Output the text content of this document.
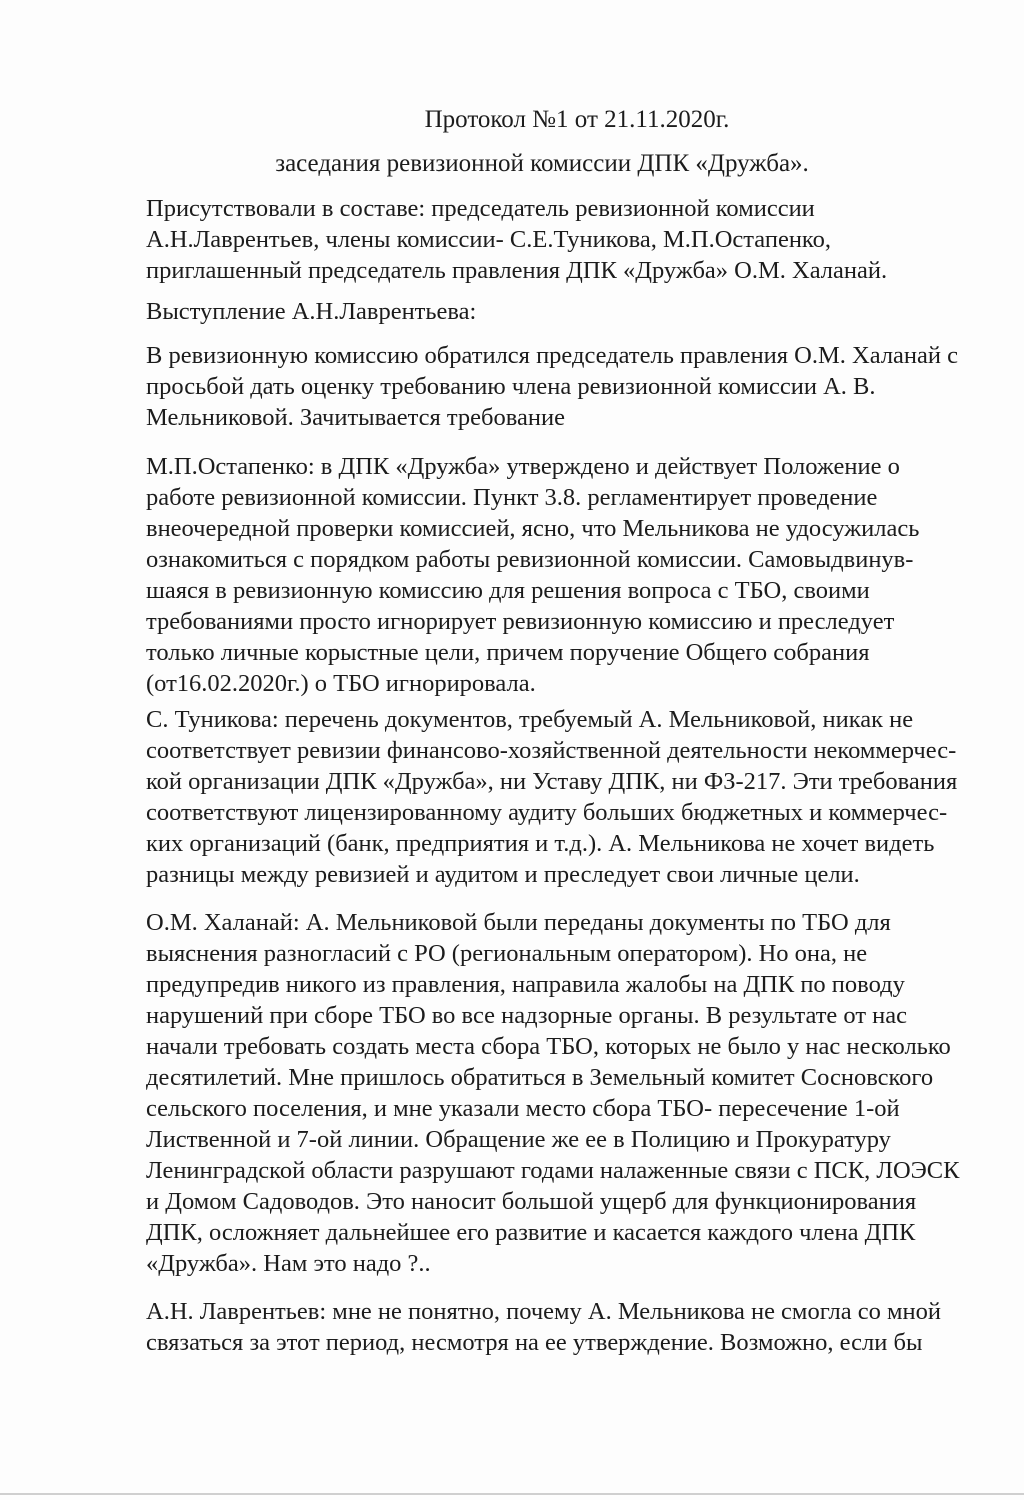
Протокол №1 от 21.11.2020г.
заседания ревизионной комиссии ДПК «Дружба».

Присутствовали в составе: председатель ревизионной комиссии
А.Н.Лаврентьев, члены комиссии- С.Е.Туникова, М.П.Остапенко,
приглашенный председатель правления ДПК «Дружба» О.М. Халанай.

Выступление А.Н.Лаврентьева:

В ревизионную комиссию обратился председатель правления О.М. Халанай с
просьбой дать оценку требованию члена ревизионной комиссии А. В.
Мельниковой. Зачитывается требование

М.П.Остапенко: в ДПК «Дружба» утверждено и действует Положение о
работе ревизионной комиссии. Пункт 3.8. регламентирует проведение
внеочередной проверки комиссией, ясно, что Мельникова не удосужилась
ознакомиться с порядком работы ревизионной комиссии. Самовыдвинув-
шаяся в ревизионную комиссию для решения вопроса с ТБО, своими
требованиями просто игнорирует ревизионную комиссию и преследует
только личные корыстные цели, причем поручение Общего собрания
(от16.02.2020г.) о ТБО игнорировала.

С. Туникова: перечень документов, требуемый А. Мельниковой, никак не
соответствует ревизии финансово-хозяйственной деятельности некоммерчес-
кой организации ДПК «Дружба», ни Уставу ДПК, ни ФЗ-217. Эти требования
соответствуют лицензированному аудиту больших бюджетных и коммерчес-
ких организаций (банк, предприятия и т.д.). А. Мельникова не хочет видеть
разницы между ревизией и аудитом и преследует свои личные цели.

О.М. Халанай: А. Мельниковой были переданы документы по ТБО для
выяснения разногласий с РО (региональным оператором). Но она, не
предупредив никого из правления, направила жалобы на ДПК по поводу
нарушений при сборе ТБО во все надзорные органы. В результате от нас
начали требовать создать места сбора ТБО, которых не было у нас несколько
десятилетий. Мне пришлось обратиться в Земельный комитет Сосновского
сельского поселения, и мне указали место сбора ТБО- пересечение 1-ой
Лиственной и 7-ой линии. Обращение же ее в Полицию и Прокуратуру
Ленинградской области разрушают годами налаженные связи с ПСК, ЛОЭСК
и Домом Садоводов. Это наносит большой ущерб для функционирования
ДПК, осложняет дальнейшее его развитие и касается каждого члена ДПК
«Дружба». Нам это надо ?..

А.Н. Лаврентьев: мне не понятно, почему А. Мельникова не смогла со мной
связаться за этот период, несмотря на ее утверждение. Возможно, если бы
